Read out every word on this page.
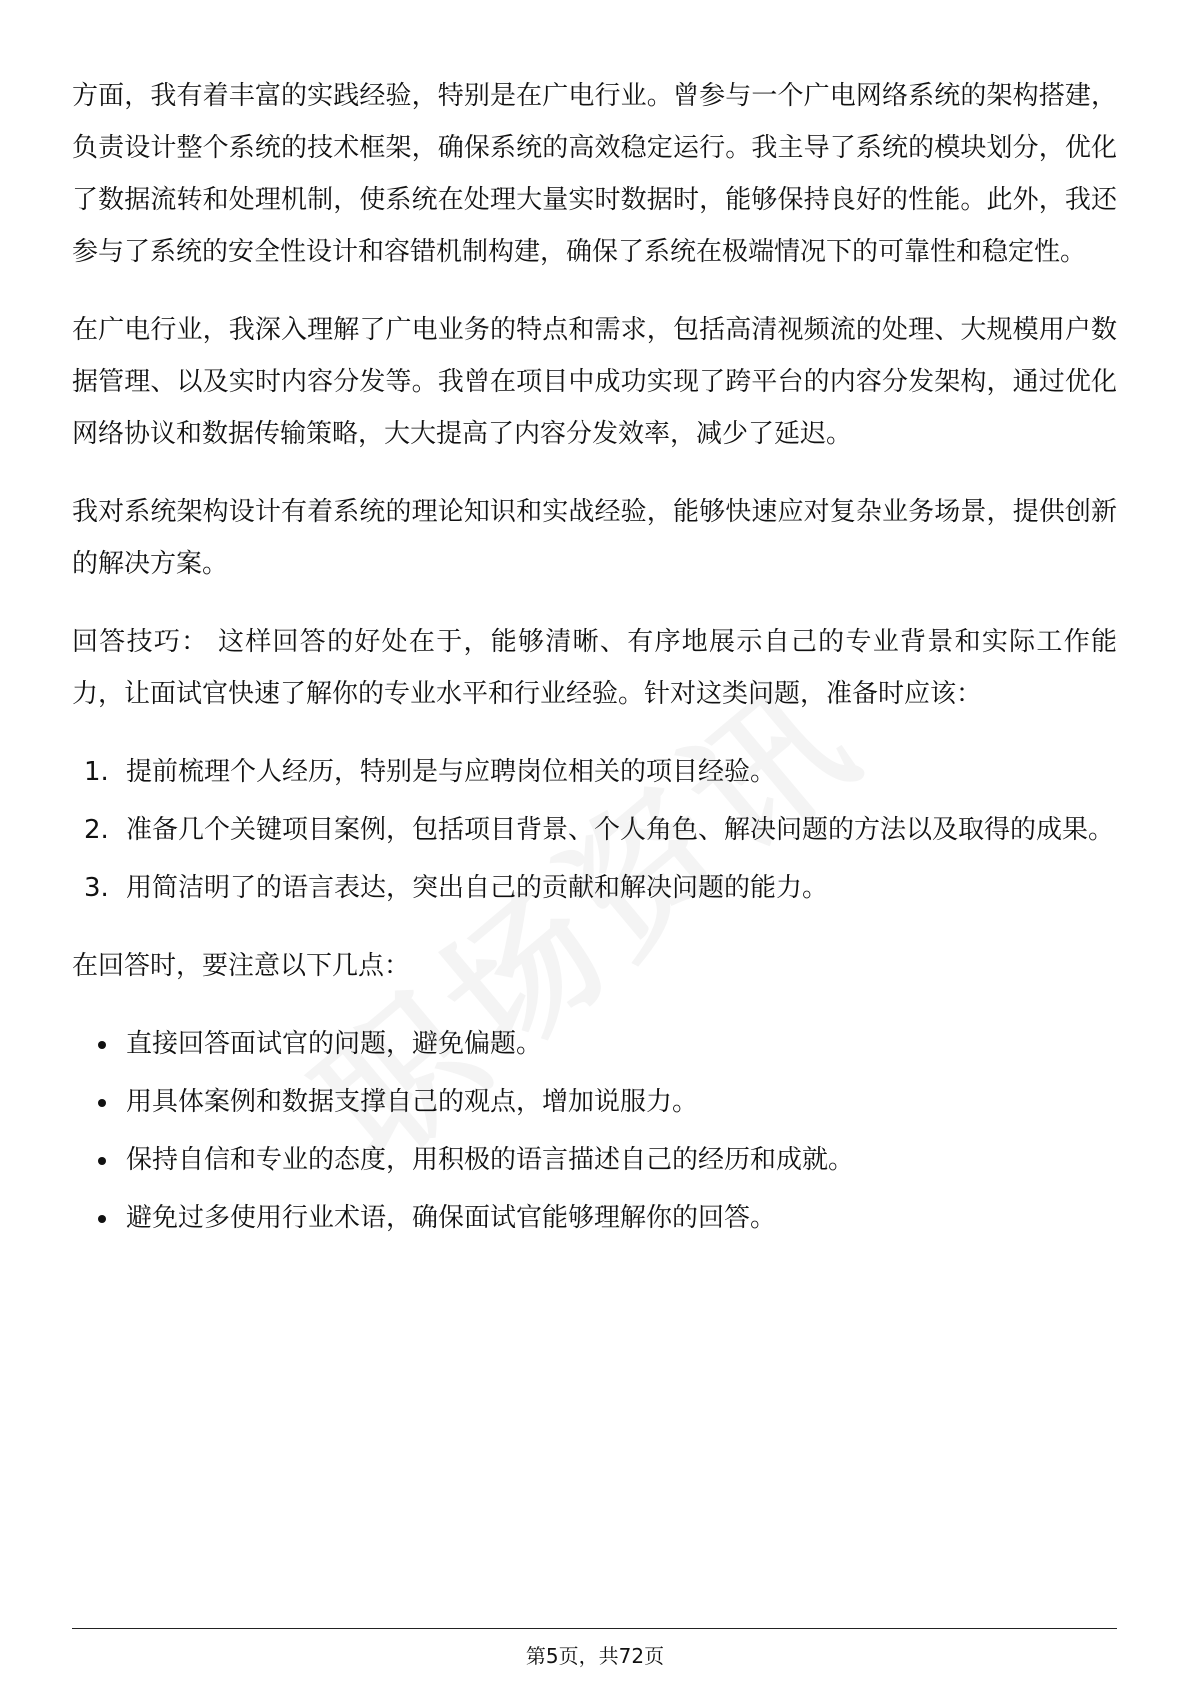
方面，我有着丰富的实践经验，特别是在广电行业。曾参与一个广电网络系统的架构搭建，负责设计整个系统的技术框架，确保系统的高效稳定运行。我主导了系统的模块划分，优化了数据流转和处理机制，使系统在处理大量实时数据时，能够保持良好的性能。此外，我还参与了系统的安全性设计和容错机制构建，确保了系统在极端情况下的可靠性和稳定性。

在广电行业，我深入理解了广电业务的特点和需求，包括高清视频流的处理、大规模用户数据管理、以及实时内容分发等。我曾在项目中成功实现了跨平台的内容分发架构，通过优化网络协议和数据传输策略，大大提高了内容分发效率，减少了延迟。

我对系统架构设计有着系统的理论知识和实战经验，能够快速应对复杂业务场景，提供创新的解决方案。

回答技巧： 这样回答的好处在于，能够清晰、有序地展示自己的专业背景和实际工作能力，让面试官快速了解你的专业水平和行业经验。针对这类问题，准备时应该：

1. 提前梳理个人经历，特别是与应聘岗位相关的项目经验。
2. 准备几个关键项目案例，包括项目背景、个人角色、解决问题的方法以及取得的成果。
3. 用简洁明了的语言表达，突出自己的贡献和解决问题的能力。

在回答时，要注意以下几点：

直接回答面试官的问题，避免偏题。
用具体案例和数据支撑自己的观点，增加说服力。
保持自信和专业的态度，用积极的语言描述自己的经历和成就。
避免过多使用行业术语，确保面试官能够理解你的回答。
第5页，共72页
